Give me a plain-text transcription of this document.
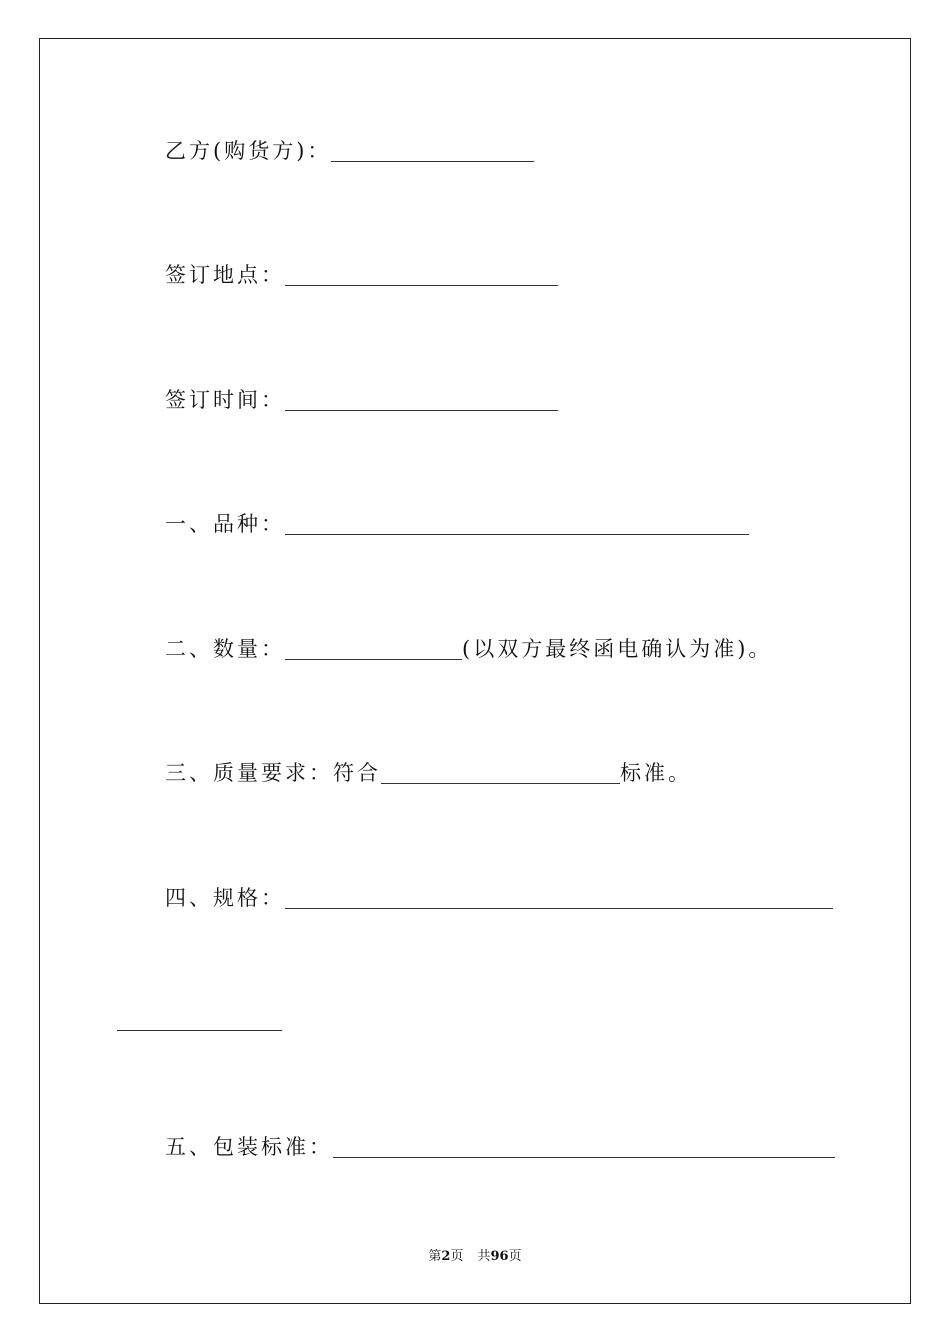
乙方(购货方)：
签订地点：
签订时间：
一、品种：
二、数量：	(以双方最终函电确认为准)。
三、质量要求：符合	标准。
四、规格：
五、包装标准：
第2页 共96页
